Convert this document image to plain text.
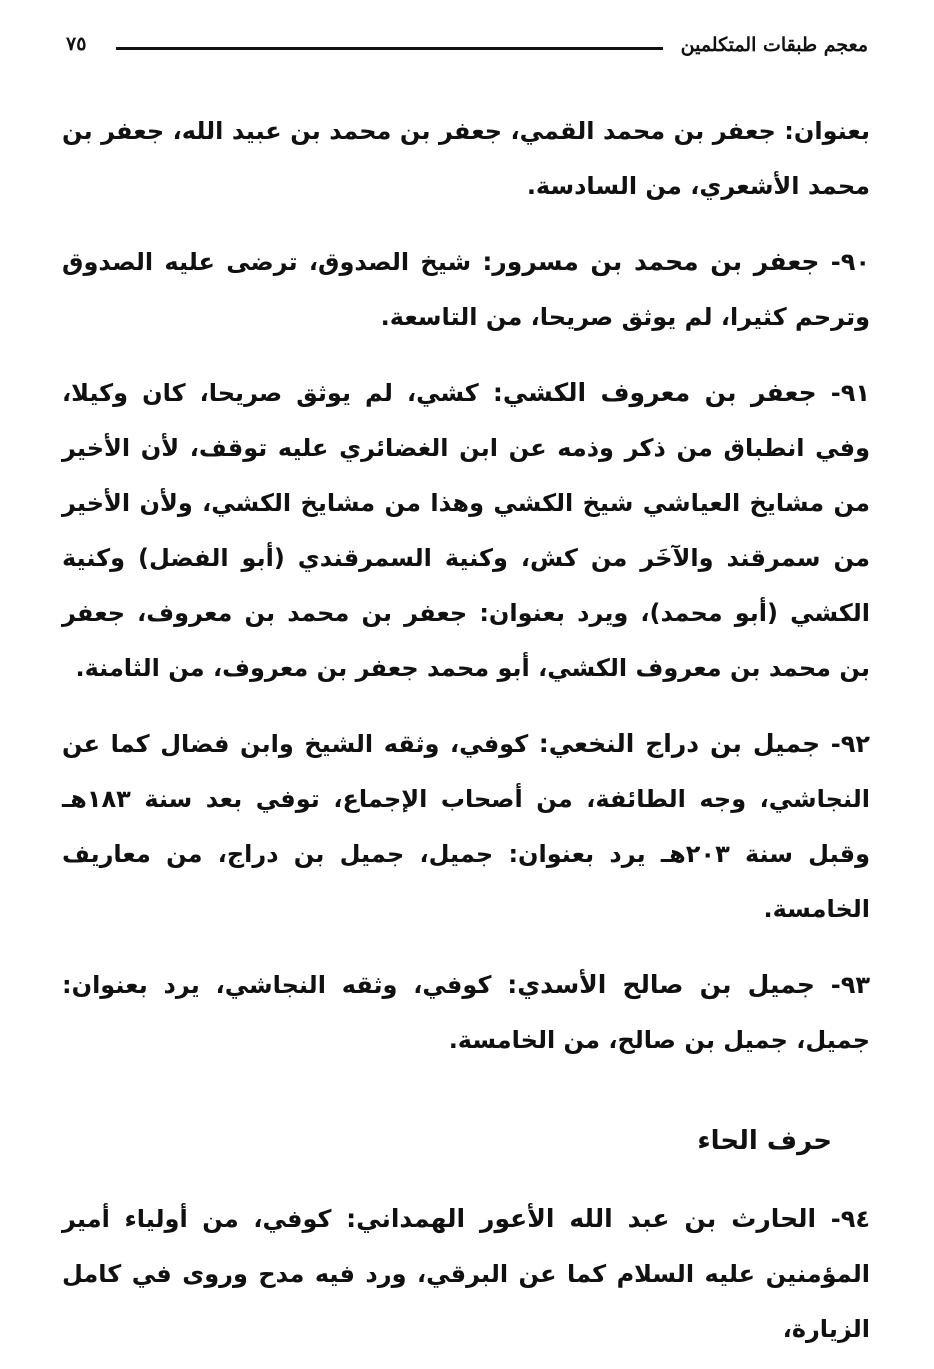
معجم طبقات المتكلمين
٧٥

بعنوان: جعفر بن محمد القمي، جعفر بن محمد بن عبيد الله، جعفر بن محمد الأشعري، من السادسة.

٩٠- جعفر بن محمد بن مسرور: شيخ الصدوق، ترضى عليه الصدوق وترحم كثيرا، لم يوثق صريحا، من التاسعة.

٩١- جعفر بن معروف الكشي: كشي، لم يوثق صريحا، كان وكيلا، وفي انطباق من ذكر وذمه عن ابن الغضائري عليه توقف، لأن الأخير من مشايخ العياشي شيخ الكشي وهذا من مشايخ الكشي، ولأن الأخير من سمرقند والآخَر من كش، وكنية السمرقندي (أبو الفضل) وكنية الكشي (أبو محمد)، ويرد بعنوان: جعفر بن محمد بن معروف، جعفر بن محمد بن معروف الكشي، أبو محمد جعفر بن معروف، من الثامنة.

٩٢- جميل بن دراج النخعي: كوفي، وثقه الشيخ وابن فضال كما عن النجاشي، وجه الطائفة، من أصحاب الإجماع، توفي بعد سنة ١٨٣هـ وقبل سنة ٢٠٣هـ يرد بعنوان: جميل، جميل بن دراج، من معاريف الخامسة.

٩٣- جميل بن صالح الأسدي: كوفي، وثقه النجاشي، يرد بعنوان: جميل، جميل بن صالح، من الخامسة.

حرف الحاء

٩٤- الحارث بن عبد الله الأعور الهمداني: كوفي، من أولياء أمير المؤمنين عليه السلام كما عن البرقي، ورد فيه مدح وروى في كامل الزيارة،
